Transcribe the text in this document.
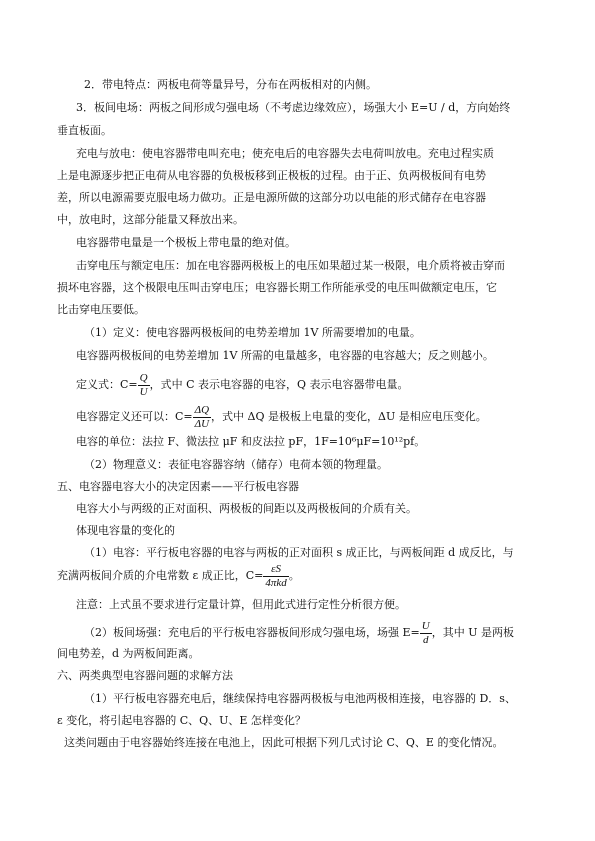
2．带电特点：两板电荷等量异号，分布在两板相对的内侧。
3．板间电场：两板之间形成匀强电场（不考虑边缘效应），场强大小 E=U / d，方向始终
垂直板面。
充电与放电：使电容器带电叫充电；使充电后的电容器失去电荷叫放电。充电过程实质
上是电源逐步把正电荷从电容器的负极板移到正极板的过程。由于正、负两极板间有电势
差，所以电源需要克服电场力做功。正是电源所做的这部分功以电能的形式储存在电容器
中，放电时，这部分能量又释放出来。
电容器带电量是一个极板上带电量的绝对值。
击穿电压与额定电压：加在电容器两极板上的电压如果超过某一极限，电介质将被击穿而
损坏电容器，这个极限电压叫击穿电压；电容器长期工作所能承受的电压叫做额定电压，它
比击穿电压要低。
（1）定义：使电容器两极板间的电势差增加 1V 所需要增加的电量。
电容器两极板间的电势差增加 1V 所需的电量越多，电容器的电容越大；反之则越小。
定义式：$C= \frac{Q}{U}$ ，式中 C 表示电容器的电容，Q 表示电容器带电量。
电容器定义还可以：$C= \frac{\Delta Q}{\Delta U}$ ，式中 ΔQ 是极板上电量的变化，ΔU 是相应电压变化。
电容的单位：法拉 F、微法拉 μF 和皮法拉 pF，1F=10⁶μF=10¹²pf。
（2）物理意义：表征电容器容纳（储存）电荷本领的物理量。
五、电容器电容大小的决定因素——平行板电容器
电容大小与两级的正对面积、两极板的间距以及两极板间的介质有关。
体现电容量的变化的
（1）电容：平行板电容器的电容与两板的正对面积 s 成正比，与两板间距 d 成反比，与
充满两板间介质的介电常数 ε 成正比，$C= \frac{\varepsilon S}{\text{4πkd}}$ 。
注意：上式虽不要求进行定量计算，但用此式进行定性分析很方便。
（2）板间场强：充电后的平行板电容器板间形成匀强电场，场强 $E= \frac{U}{d}$ ，其中 U 是两板
间电势差，d 为两板间距离。
六、两类典型电容器问题的求解方法
（1）平行板电容器充电后，继续保持电容器两极板与电池两极相连接，电容器的 D．s、
ε 变化，将引起电容器的 C、Q、U、E 怎样变化？
这类问题由于电容器始终连接在电池上，因此可根据下列几式讨论 C、Q、E 的变化情况。
